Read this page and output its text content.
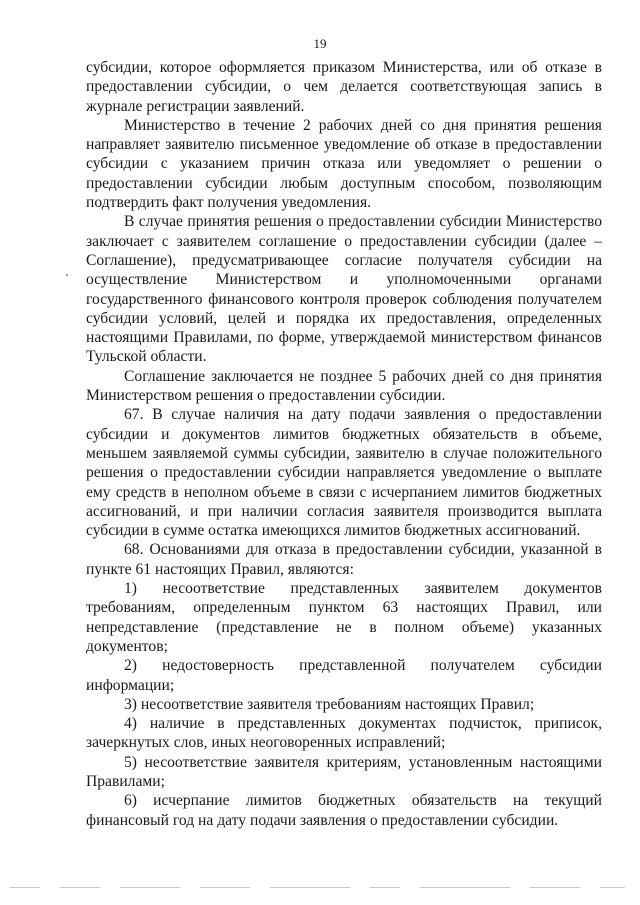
19

субсидии, которое оформляется приказом Министерства, или об отказе в предоставлении субсидии, о чем делается соответствующая запись в журнале регистрации заявлений.

Министерство в течение 2 рабочих дней со дня принятия решения направляет заявителю письменное уведомление об отказе в предоставлении субсидии с указанием причин отказа или уведомляет о решении о предоставлении субсидии любым доступным способом, позволяющим подтвердить факт получения уведомления.

В случае принятия решения о предоставлении субсидии Министерство заключает с заявителем соглашение о предоставлении субсидии (далее – Соглашение), предусматривающее согласие получателя субсидии на осуществление Министерством и уполномоченными органами государственного финансового контроля проверок соблюдения получателем субсидии условий, целей и порядка их предоставления, определенных настоящими Правилами, по форме, утверждаемой министерством финансов Тульской области.

Соглашение заключается не позднее 5 рабочих дней со дня принятия Министерством решения о предоставлении субсидии.

67. В случае наличия на дату подачи заявления о предоставлении субсидии и документов лимитов бюджетных обязательств в объеме, меньшем заявляемой суммы субсидии, заявителю в случае положительного решения о предоставлении субсидии направляется уведомление о выплате ему средств в неполном объеме в связи с исчерпанием лимитов бюджетных ассигнований, и при наличии согласия заявителя производится выплата субсидии в сумме остатка имеющихся лимитов бюджетных ассигнований.

68. Основаниями для отказа в предоставлении субсидии, указанной в пункте 61 настоящих Правил, являются:

1) несоответствие представленных заявителем документов требованиям, определенным пунктом 63 настоящих Правил, или непредставление (представление не в полном объеме) указанных документов;

2) недостоверность представленной получателем субсидии информации;

3) несоответствие заявителя требованиям настоящих Правил;

4) наличие в представленных документах подчисток, приписок, зачеркнутых слов, иных неоговоренных исправлений;

5) несоответствие заявителя критериям, установленным настоящими Правилами;

6) исчерпание лимитов бюджетных обязательств на текущий финансовый год на дату подачи заявления о предоставлении субсидии.
